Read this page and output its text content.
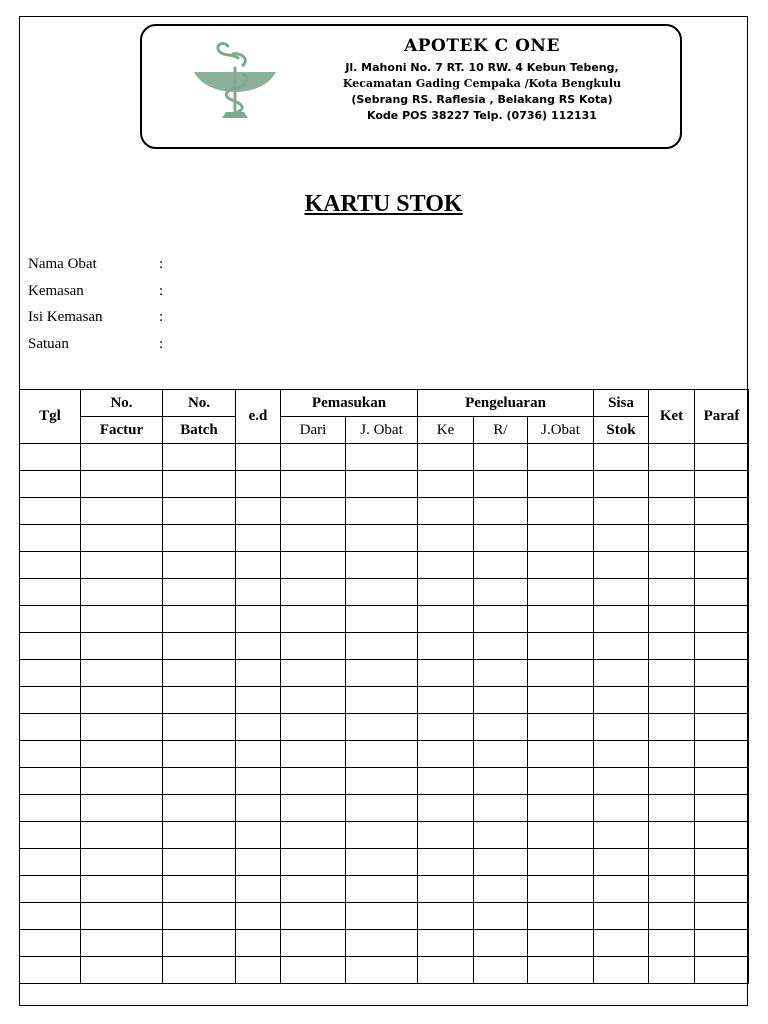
APOTEK C ONE
Jl. Mahoni No. 7 RT. 10 RW. 4 Kebun Tebeng,
Kecamatan Gading Cempaka /Kota Bengkulu
(Sebrang RS. Raflesia , Belakang RS Kota)
Kode POS 38227 Telp. (0736) 112131
KARTU STOK
Nama Obat	:
Kemasan	:
Isi Kemasan	:
Satuan	:
Tgl	No.	No.	e.d	Pemasukan		Pengeluaran			Sisa	Ket	Paraf
	Factur	Batch		Dari	J. Obat	Ke	R/	J.Obat	Stok		
